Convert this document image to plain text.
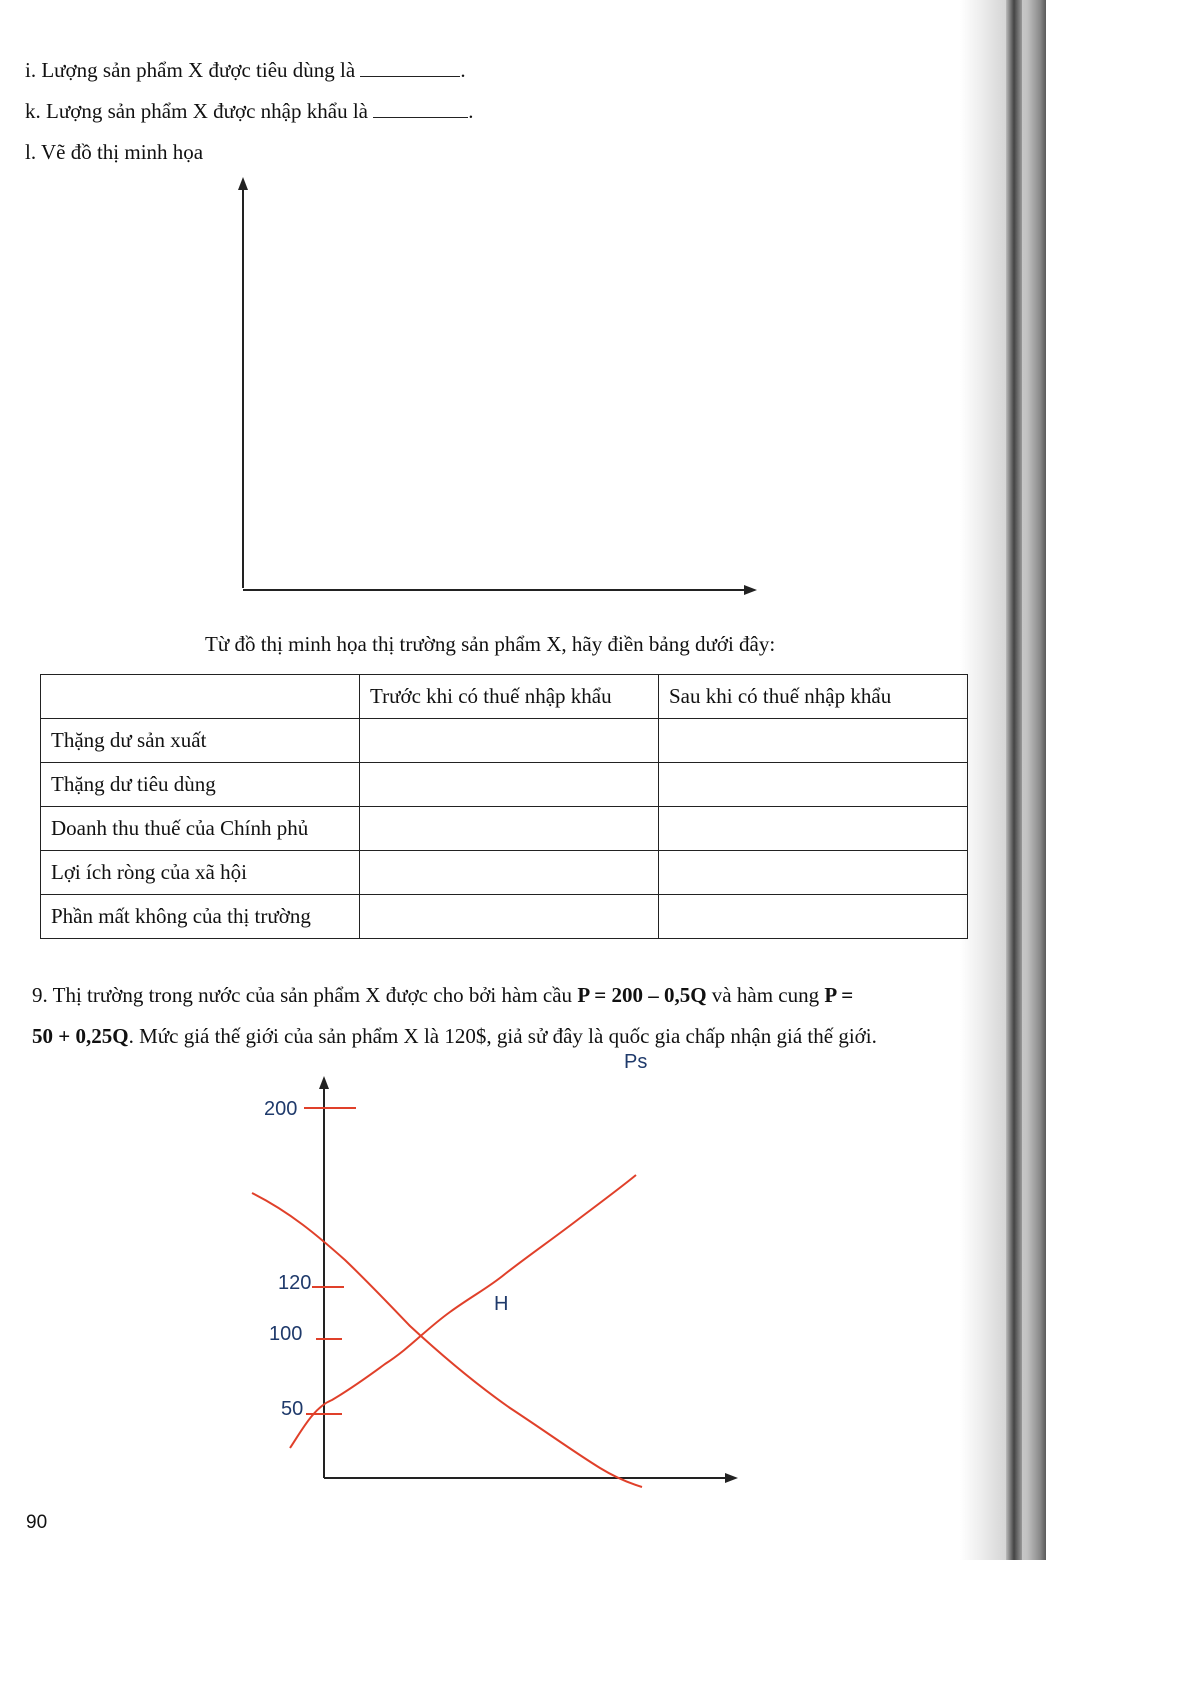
i. Lượng sản phẩm X được tiêu dùng là	.
k. Lượng sản phẩm X được nhập khẩu là	.
l. Vẽ đồ thị minh họa
Từ đồ thị minh họa thị trường sản phẩm X, hãy điền bảng dưới đây:
	Trước khi có thuế nhập khẩu	Sau khi có thuế nhập khẩu
Thặng dư sản xuất		
Thặng dư tiêu dùng		
Doanh thu thuế của Chính phủ		
Lợi ích ròng của xã hội		
Phần mất không của thị trường		
9. Thị trường trong nước của sản phẩm X được cho bởi hàm cầu P = 200 – 0,5Q và hàm cung P =
50 + 0,25Q. Mức giá thế giới của sản phẩm X là 120$, giả sử đây là quốc gia chấp nhận giá thế giới.
90
200
120
100
50
Ps
H
